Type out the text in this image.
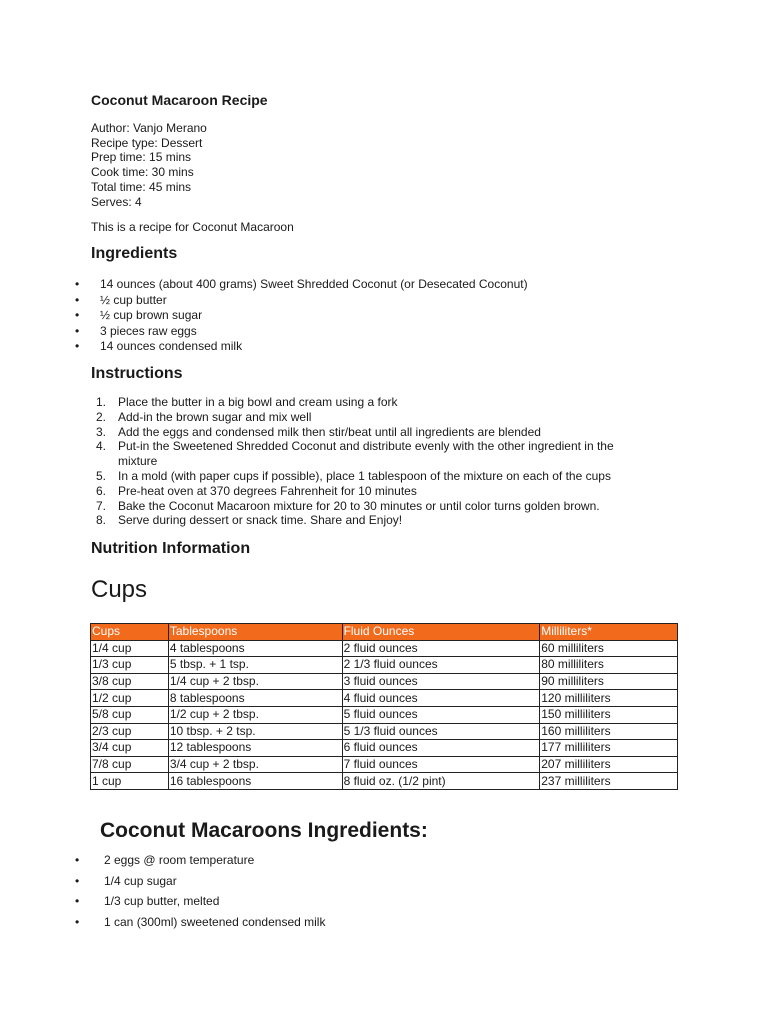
Coconut Macaroon Recipe
Author: Vanjo Merano
Recipe type: Dessert
Prep time: 15 mins
Cook time: 30 mins
Total time: 45 mins
Serves: 4

This is a recipe for Coconut Macaroon

Ingredients
• 14 ounces (about 400 grams) Sweet Shredded Coconut (or Desecated Coconut)
• ½ cup butter
• ½ cup brown sugar
• 3 pieces raw eggs
• 14 ounces condensed milk
Instructions
1. Place the butter in a big bowl and cream using a fork
2. Add-in the brown sugar and mix well
3. Add the eggs and condensed milk then stir/beat until all ingredients are blended
4. Put-in the Sweetened Shredded Coconut and distribute evenly with the other ingredient in the mixture
5. In a mold (with paper cups if possible), place 1 tablespoon of the mixture on each of the cups
6. Pre-heat oven at 370 degrees Fahrenheit for 10 minutes
7. Bake the Coconut Macaroon mixture for 20 to 30 minutes or until color turns golden brown.
8. Serve during dessert or snack time. Share and Enjoy!
Nutrition Information
Cups
Cups	Tablespoons	Fluid Ounces	Milliliters*
1/4 cup	4 tablespoons	2 fluid ounces	60 milliliters
1/3 cup	5 tbsp. + 1 tsp.	2 1/3 fluid ounces	80 milliliters
3/8 cup	1/4 cup + 2 tbsp.	3 fluid ounces	90 milliliters
1/2 cup	8 tablespoons	4 fluid ounces	120 milliliters
5/8 cup	1/2 cup + 2 tbsp.	5 fluid ounces	150 milliliters
2/3 cup	10 tbsp. + 2 tsp.	5 1/3 fluid ounces	160 milliliters
3/4 cup	12 tablespoons	6 fluid ounces	177 milliliters
7/8 cup	3/4 cup + 2 tbsp.	7 fluid ounces	207 milliliters
1 cup	16 tablespoons	8 fluid oz. (1/2 pint)	237 milliliters
Coconut Macaroons Ingredients:
• 2 eggs @ room temperature
• 1/4 cup sugar
• 1/3 cup butter, melted
• 1 can (300ml) sweetened condensed milk
